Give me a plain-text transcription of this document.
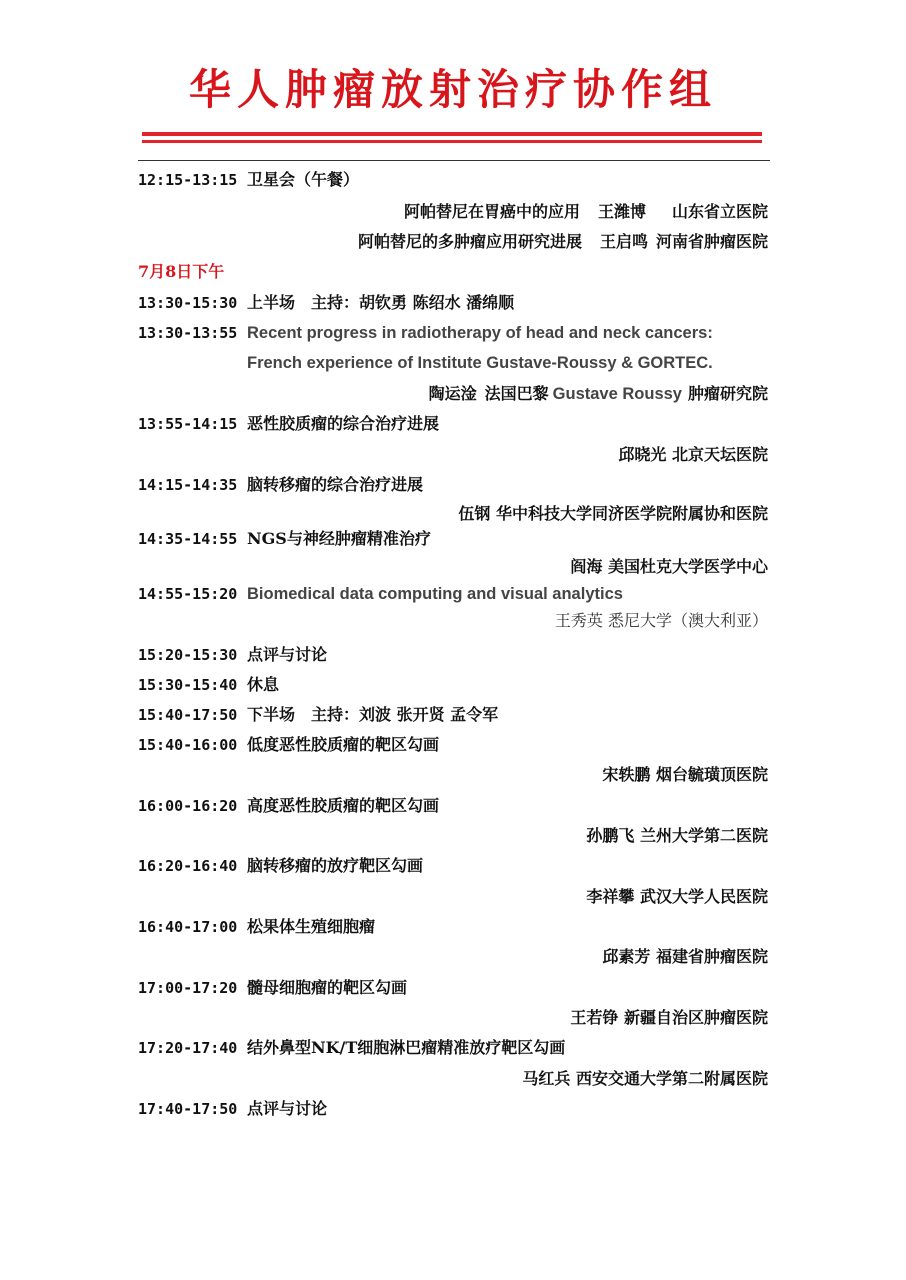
华人肿瘤放射治疗协作组
12:15-13:15 卫星会（午餐）
阿帕替尼在胃癌中的应用 王潍博 山东省立医院
阿帕替尼的多肿瘤应用研究进展 王启鸣 河南省肿瘤医院
7月8日下午
13:30-15:30 上半场　主持：胡钦勇 陈绍水 潘绵顺
13:30-13:55 Recent progress in radiotherapy of head and neck cancers:
French experience of Institute Gustave-Roussy & GORTEC.
陶运淦 法国巴黎 Gustave Roussy 肿瘤研究院
13:55-14:15 恶性胶质瘤的综合治疗进展
邱晓光 北京天坛医院
14:15-14:35 脑转移瘤的综合治疗进展
伍钢 华中科技大学同济医学院附属协和医院
14:35-14:55 NGS与神经肿瘤精准治疗
阎海 美国杜克大学医学中心
14:55-15:20 Biomedical data computing and visual analytics
王秀英 悉尼大学（澳大利亚）
15:20-15:30 点评与讨论
15:30-15:40 休息
15:40-17:50 下半场　主持：刘波 张开贤 孟令军
15:40-16:00 低度恶性胶质瘤的靶区勾画
宋轶鹏 烟台毓璜顶医院
16:00-16:20 高度恶性胶质瘤的靶区勾画
孙鹏飞 兰州大学第二医院
16:20-16:40 脑转移瘤的放疗靶区勾画
李祥攀 武汉大学人民医院
16:40-17:00 松果体生殖细胞瘤
邱素芳 福建省肿瘤医院
17:00-17:20 髓母细胞瘤的靶区勾画
王若铮 新疆自治区肿瘤医院
17:20-17:40 结外鼻型NK/T细胞淋巴瘤精准放疗靶区勾画
马红兵 西安交通大学第二附属医院
17:40-17:50 点评与讨论
